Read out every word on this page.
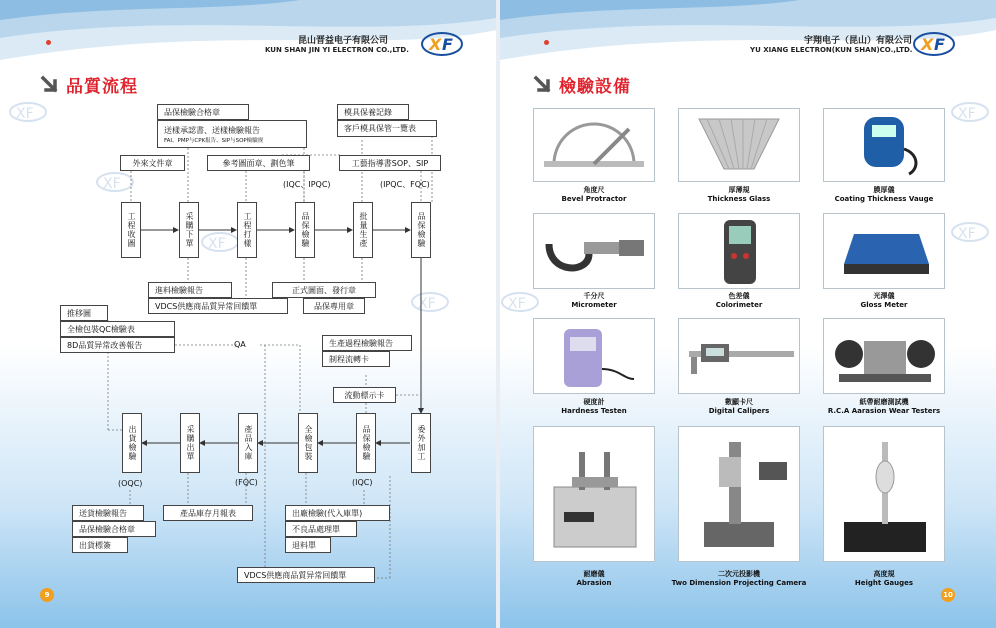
昆山晋益电子有限公司
KUN SHAN JIN YI ELECTRON CO.,LTD. X F
品質流程
XF
XF
XF
XF
品保檢驗合格章
送樣承認書、送樣檢驗報告
FAI、PMP与CPK报告、SIP与SOP檢驗规
模具保養記錄
客戶模具保管一覽表
外來文件章	參考圖面章、劃色筆	工藝指導書SOP、SIP
(IQC、IPQC)	(IPQC、FQC)
工程收圖	采購下單	工程打樣	品保檢驗	批量生產	品保檢驗
進料檢驗報告
VDCS供應商品質异常回饋單
正式圖面、發行章
品保專用章
推移圖
全檢包裝QC檢驗表
8D品質异常改善報告	QA	生產過程檢驗報告
制程流轉卡
流動標示卡
出貨檢驗	采購出單	產品入庫	全檢包裝	品保檢驗	委外加工
(OQC)	(FQC)	(IQC)
送貨檢驗報告
品保檢驗合格章
出貨標簽
產品庫存月報表	出廠檢驗(代入庫單)
不良品處理單
退料單
VDCS供應商品質异常回饋單
9
宇翔电子（昆山）有限公司
YU XIANG ELECTRON(KUN SHAN)CO.,LTD. X F
檢驗設備
XF
XF
XF
角度尺
Bevel Protractor
厚薄規
Thickness Glass
膜厚儀
Coating Thickness Vauge
千分尺
Micrometer
色差儀
Colorimeter
光澤儀
Gloss Meter
硬度計
Hardness Testen
數顯卡尺
Digital Calipers
紙帶耐磨測試機
R.C.A Aarasion Wear Testers
耐磨儀
Abrasion
二次元投影機
Two Dimension Projecting Camera
高度規
Height Gauges
10
